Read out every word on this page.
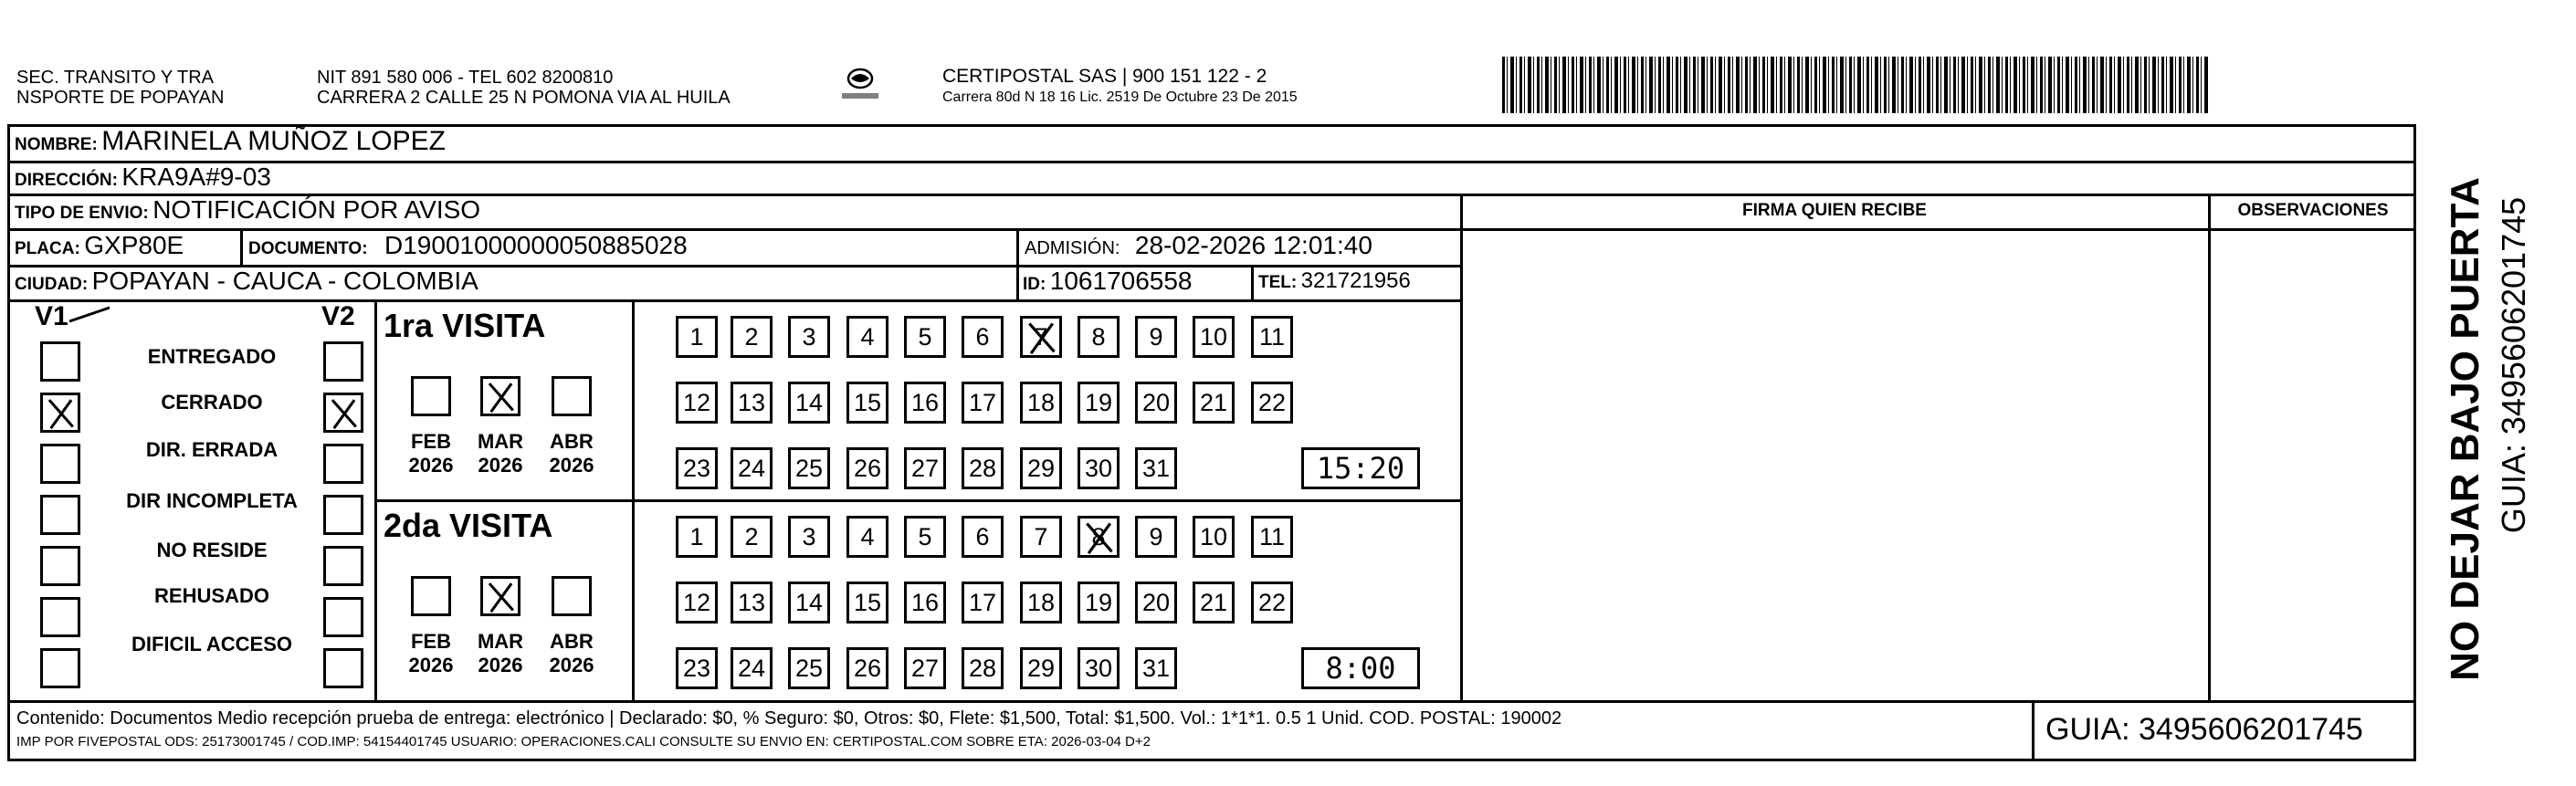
SEC. TRANSITO Y TRA
NSPORTE DE POPAYAN
NIT 891 580 006 - TEL 602 8200810
CARRERA 2 CALLE 25 N POMONA VIA AL HUILA
CERTIPOSTAL SAS | 900 151 122 - 2
Carrera 80d N 18 16 Lic. 2519 De Octubre 23 De 2015
NOMBRE: MARINELA MUÑOZ LOPEZ
DIRECCIÓN: KRA9A#9-03
TIPO DE ENVIO: NOTIFICACIÓN POR AVISO	FIRMA QUIEN RECIBE	OBSERVACIONES
PLACA: GXP80E	DOCUMENTO: D19001000000050885028	ADMISIÓN: 28-02-2026 12:01:40
CIUDAD: POPAYAN - CAUCA - COLOMBIA	ID: 1061706558	TEL: 321721956
V1	V2
ENTREGADO
CERRADO
DIR. ERRADA
DIR INCOMPLETA
NO RESIDE
REHUSADO
DIFICIL ACCESO
1ra VISITA
FEB
2026
MAR
2026
ABR
2026
1	2	3	4	5	6	7	8	9	10	11
12 13 14 15 16 17 18 19 20 21 22
23 24 25 26 27 28 29 30 31	15:20
2da VISITA
FEB
2026
MAR
2026
ABR
2026
1	2	3	4	5	6	7	8	9	10	11
12 13 14 15 16 17 18 19 20 21 22
23 24 25 26 27 28 29 30 31	8:00
Contenido: Documentos Medio recepción prueba de entrega: electrónico | Declarado: $0, % Seguro: $0, Otros: $0, Flete: $1,500, Total: $1,500. Vol.: 1*1*1. 0.5 1 Unid. COD. POSTAL: 190002
IMP POR FIVEPOSTAL ODS: 25173001745 / COD.IMP: 54154401745 USUARIO: OPERACIONES.CALI CONSULTE SU ENVIO EN: CERTIPOSTAL.COM SOBRE ETA: 2026-03-04 D+2	GUIA: 3495606201745
NO DEJAR BAJO PUERTA GUIA: 3495606201745
